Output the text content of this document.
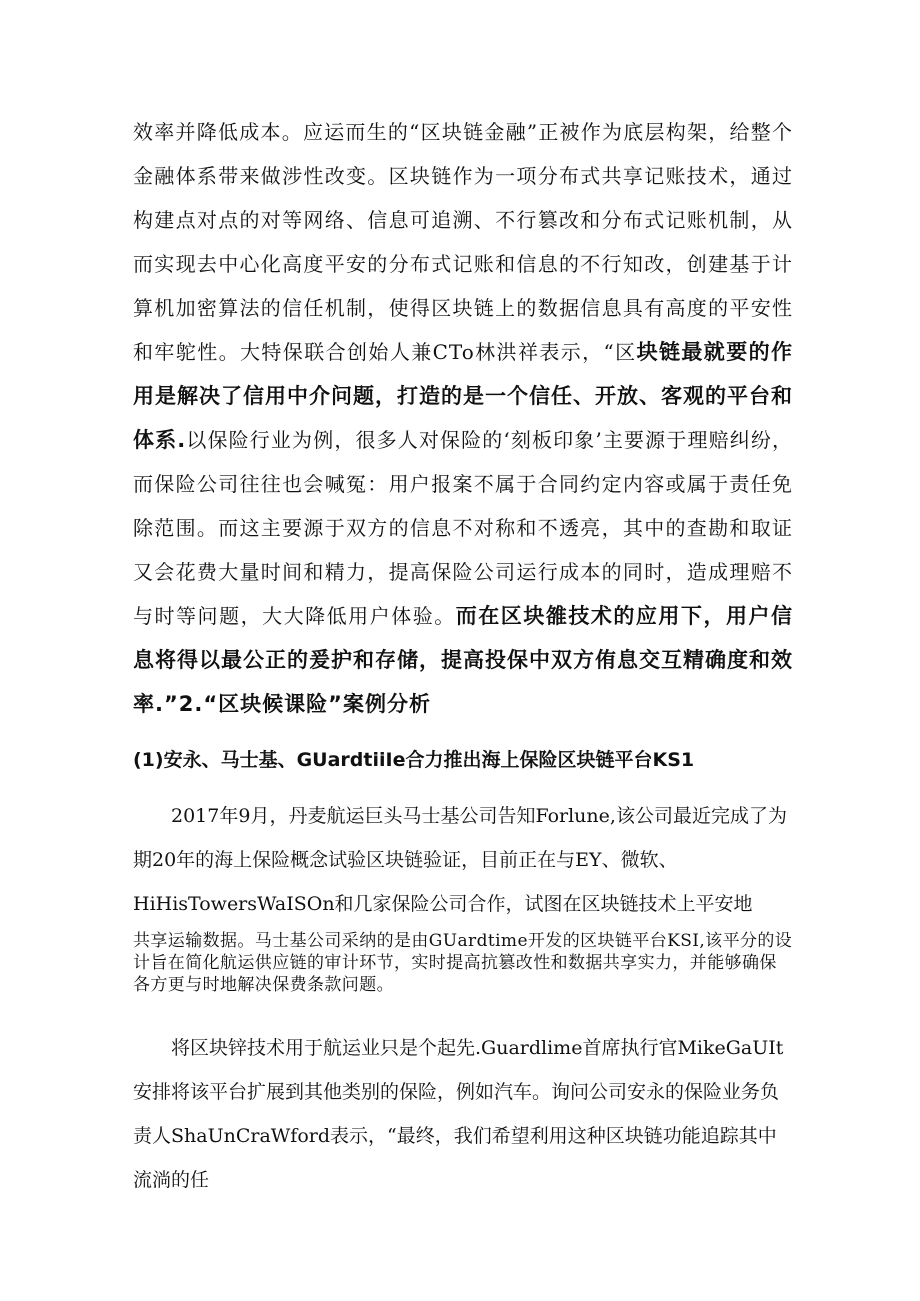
效率并降低成本。应运而生的“区块链金融”正被作为底层构架，给整个金融体系带来做涉性改变。区块链作为一项分布式共享记账技术，通过构建点对点的对等网络、信息可追溯、不行篡改和分布式记账机制，从而实现去中心化高度平安的分布式记账和信息的不行知改，创建基于计算机加密算法的信任机制，使得区块链上的数据信息具有高度的平安性和牢鸵性。大特保联合创始人兼CTo林洪祥表示，“区块链最就要的作用是解决了信用中介问题，打造的是一个信任、开放、客观的平台和体系.以保险行业为例，很多人对保险的‘刻板印象’主要源于理赔纠纷，而保险公司往往也会喊冤：用户报案不属于合同约定内容或属于责任免除范围。而这主要源于双方的信息不对称和不透亮，其中的查勘和取证又会花费大量时间和精力，提高保险公司运行成本的同时，造成理赔不与时等问题，大大降低用户体验。而在区块雒技术的应用下，用户信息将得以最公正的爰护和存储，提高投保中双方侑息交互精确度和效率.”2.“区块候课险”案例分析

(1)安永、马士基、GUardtiiIe合力推出海上保险区块链平台KS1

2017年9月，丹麦航运巨头马士基公司告知Forlune,该公司最近完成了为期20年的海上保险概念试验区块链验证，目前正在与EY、微软、HiHisTowersWaISOn和几家保险公司合作，试图在区块链技术上平安地

共享运输数据。马士基公司采纳的是由GUardtime开发的区块链平台KSI,该平分的设计旨在简化航运供应链的审计环节，实时提高抗篡改性和数据共享实力，并能够确保各方更与时地解决保费条款问题。

将区块锌技术用于航运业只是个起先.Guardlime首席执行官MikeGaUIt安排将该平台扩展到其他类别的保险，例如汽车。询问公司安永的保险业务负责人ShaUnCraWford表示，“最终，我们希望利用这种区块链功能追踪其中流淌的任
